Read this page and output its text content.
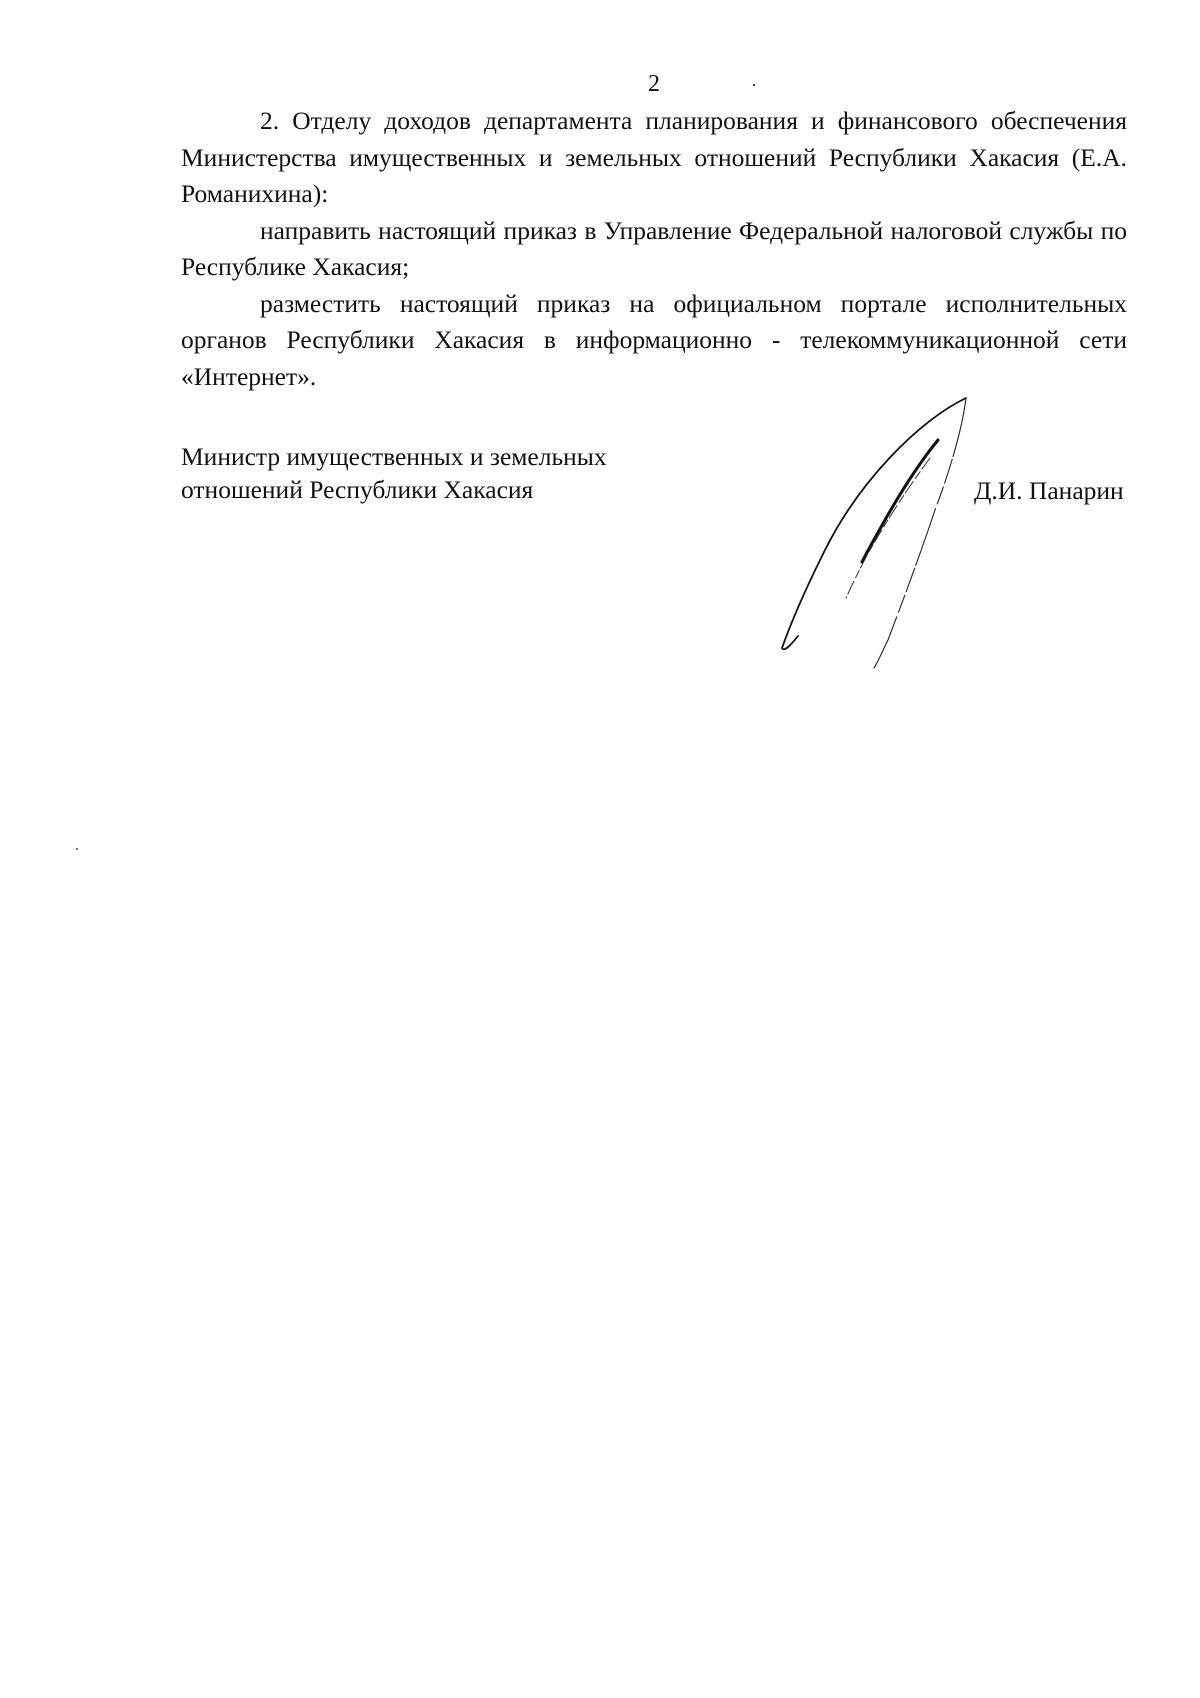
2

2. Отделу доходов департамента планирования и финансового обеспечения Министерства имущественных и земельных отношений Республики Хакасия (Е.А. Романихина):

направить настоящий приказ в Управление Федеральной налоговой службы по Республике Хакасия;

разместить настоящий приказ на официальном портале исполнительных органов Республики Хакасия в информационно - телекоммуникационной сети «Интернет».

Министр имущественных и земельных
отношений Республики Хакасия	Д.И. Панарин
